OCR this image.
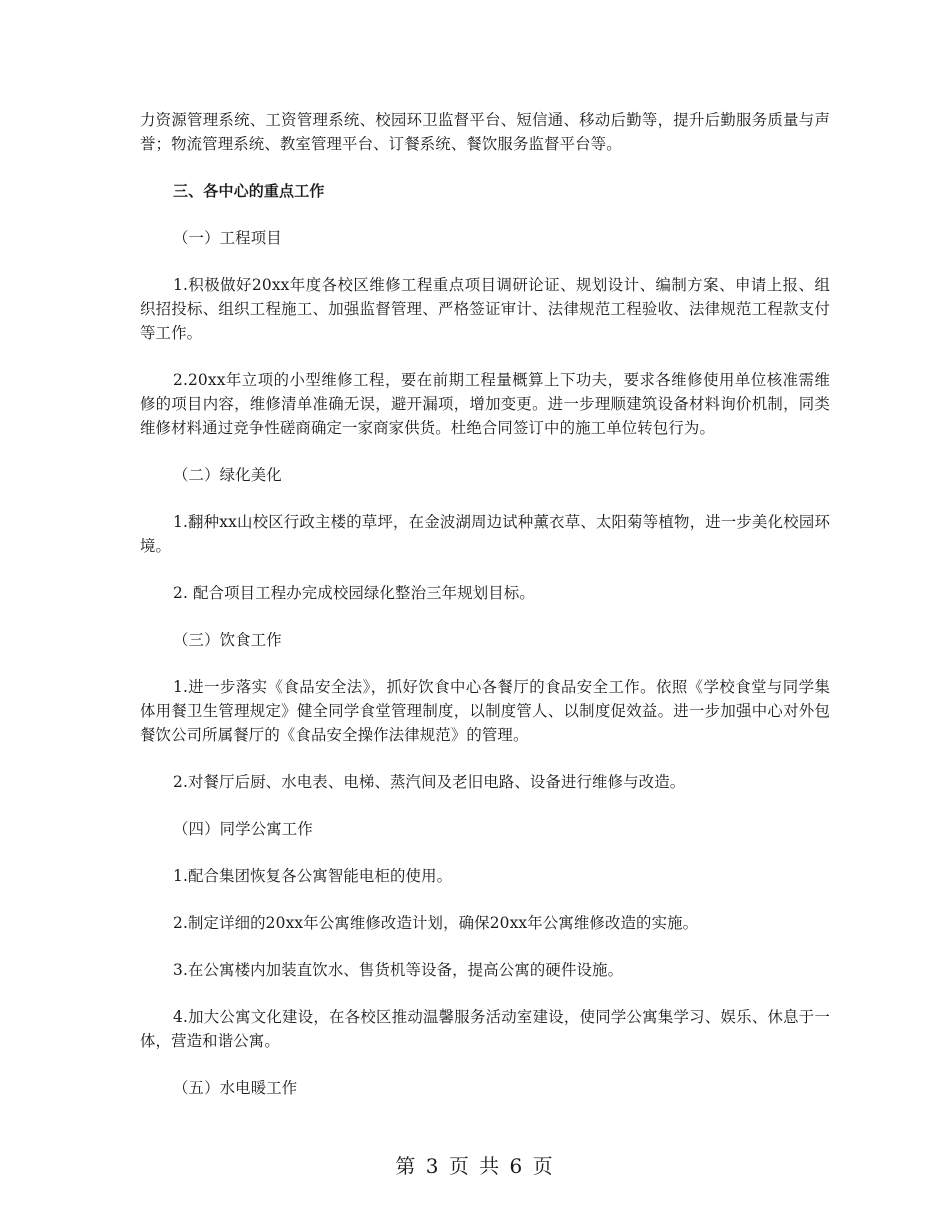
力资源管理系统、工资管理系统、校园环卫监督平台、短信通、移动后勤等，提升后勤服务质量与声誉；物流管理系统、教室管理平台、订餐系统、餐饮服务监督平台等。

三、各中心的重点工作

（一）工程项目

1.积极做好20xx年度各校区维修工程重点项目调研论证、规划设计、编制方案、申请上报、组织招投标、组织工程施工、加强监督管理、严格签证审计、法律规范工程验收、法律规范工程款支付等工作。

2.20xx年立项的小型维修工程，要在前期工程量概算上下功夫，要求各维修使用单位核准需维修的项目内容，维修清单准确无误，避开漏项，增加变更。进一步理顺建筑设备材料询价机制，同类维修材料通过竞争性磋商确定一家商家供货。杜绝合同签订中的施工单位转包行为。

（二）绿化美化

1.翻种xx山校区行政主楼的草坪，在金波湖周边试种薰衣草、太阳菊等植物，进一步美化校园环境。

2. 配合项目工程办完成校园绿化整治三年规划目标。

（三）饮食工作

1.进一步落实《食品安全法》，抓好饮食中心各餐厅的食品安全工作。依照《学校食堂与同学集体用餐卫生管理规定》健全同学食堂管理制度，以制度管人、以制度促效益。进一步加强中心对外包餐饮公司所属餐厅的《食品安全操作法律规范》的管理。

2.对餐厅后厨、水电表、电梯、蒸汽间及老旧电路、设备进行维修与改造。

（四）同学公寓工作

1.配合集团恢复各公寓智能电柜的使用。

2.制定详细的20xx年公寓维修改造计划，确保20xx年公寓维修改造的实施。

3.在公寓楼内加装直饮水、售货机等设备，提高公寓的硬件设施。

4.加大公寓文化建设，在各校区推动温馨服务活动室建设，使同学公寓集学习、娱乐、休息于一体，营造和谐公寓。

（五）水电暖工作

第 3 页 共 6 页
